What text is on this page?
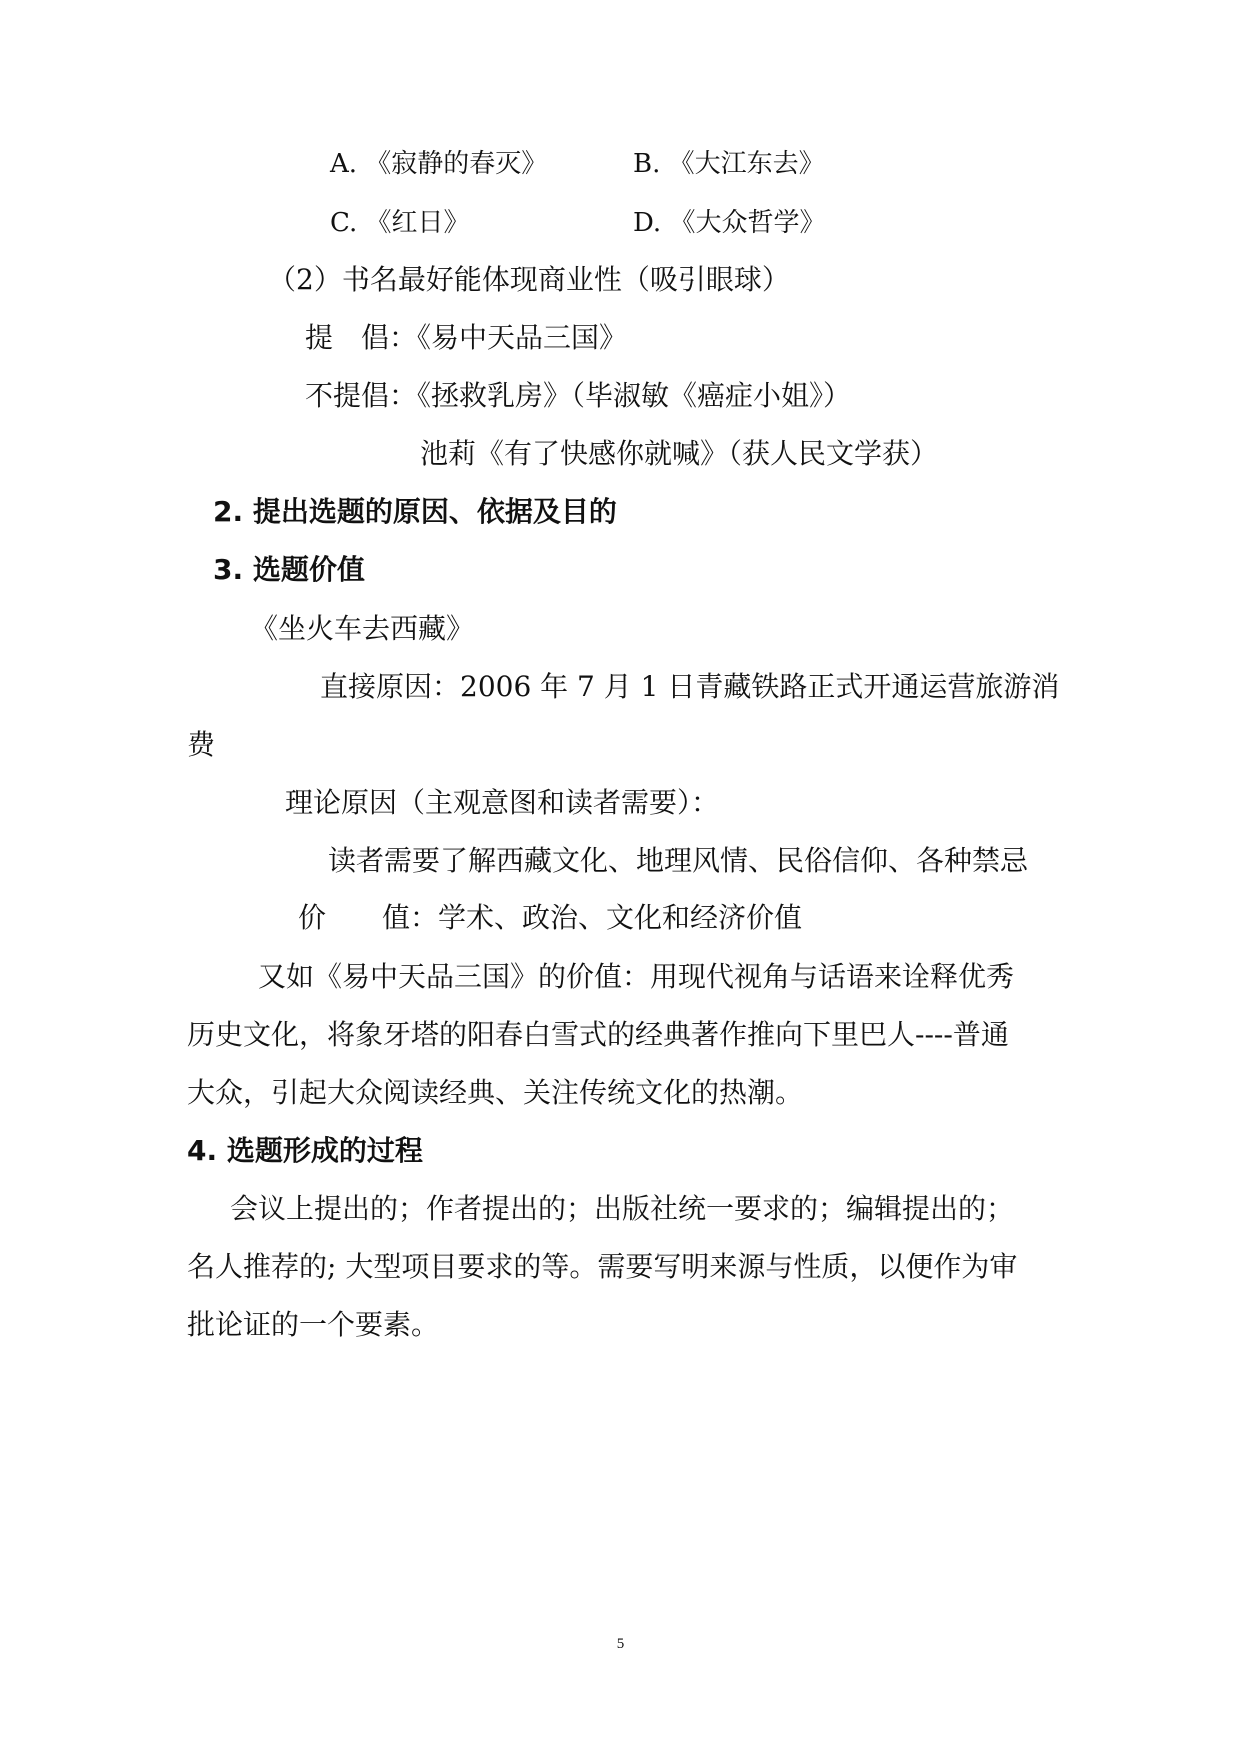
A. 《寂静的春灭》	B. 《大江东去》
C. 《红日》	D. 《大众哲学》
（2）书名最好能体现商业性（吸引眼球）
提　倡：《易中天品三国》
不提倡：《拯救乳房》（毕淑敏《癌症小姐》）
池莉《有了快感你就喊》（获人民文学获）
2. 提出选题的原因、依据及目的
3. 选题价值
《坐火车去西藏》
直接原因：2006 年 7 月 1 日青藏铁路正式开通运营旅游消
费
理论原因（主观意图和读者需要）：
读者需要了解西藏文化、地理风情、民俗信仰、各种禁忌
价　　值：学术、政治、文化和经济价值
又如《易中天品三国》的价值：用现代视角与话语来诠释优秀
历史文化，将象牙塔的阳春白雪式的经典著作推向下里巴人----普通
大众，引起大众阅读经典、关注传统文化的热潮。
4. 选题形成的过程
会议上提出的；作者提出的；出版社统一要求的；编辑提出的；
名人推荐的; 大型项目要求的等。需要写明来源与性质，以便作为审
批论证的一个要素。
5
